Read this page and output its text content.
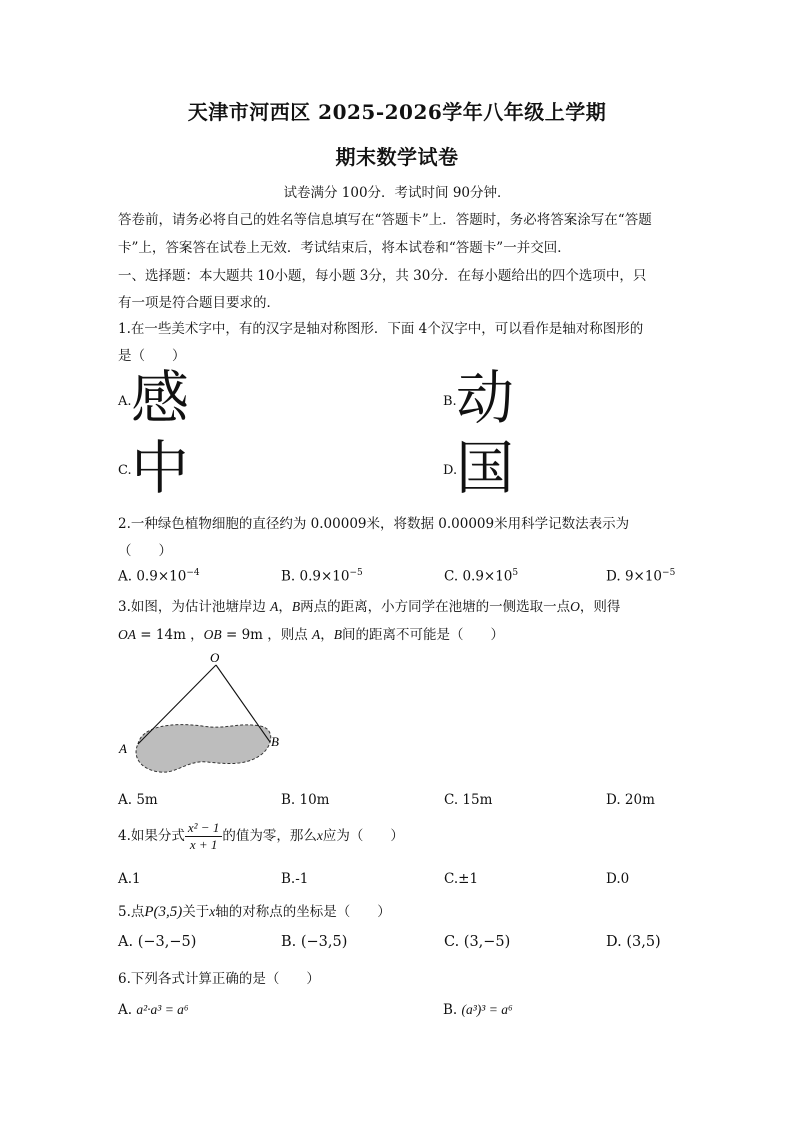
天津市河西区 2025-2026学年八年级上学期
期末数学试卷
试卷满分 100分．考试时间 90分钟．
答卷前，请务必将自己的姓名等信息填写在“答题卡”上．答题时，务必将答案涂写在“答题
卡”上，答案答在试卷上无效．考试结束后，将本试卷和“答题卡”一并交回．
一、选择题：本大题共 10小题，每小题 3分，共 30分．在每小题给出的四个选项中，只
有一项是符合题目要求的．
1.在一些美术字中，有的汉字是轴对称图形．下面 4个汉字中，可以看作是轴对称图形的
是（　　）
A. 感	B. 动
C. 中	D.
国
2.一种绿色植物细胞的直径约为 0.00009米，将数据 0.00009米用科学记数法表示为
（　　）
A. $0.9\times 10^{-4}$	B. $0.9\times 10^{-5}$	C. $0.9\times 10^5$	D. $9\times 10^{-5}$
3.如图，为估计池塘岸边 A，B两点的距离，小方同学在池塘的一侧选取一点O，则得
OA = 14m ，OB = 9m ，则点 A，B间的距离不可能是（　　）
O
A	B
A. 5m	B. 10m	C. 15m	D. 20m
4.如果分式 $\frac{\text{x² − 1}}{x + 1}$ 的值为零，那么x应为（　　）
A.1	B.-1	C.±1	D.0
5.点P(3,5)关于x轴的对称点的坐标是（　　）
A. (−3,−5)	B. (−3,5)	C. (3,−5)	D. (3,5)
6.下列各式计算正确的是（　　）
A. a²·a³ = a⁶	B. (a³)³ = a⁶
